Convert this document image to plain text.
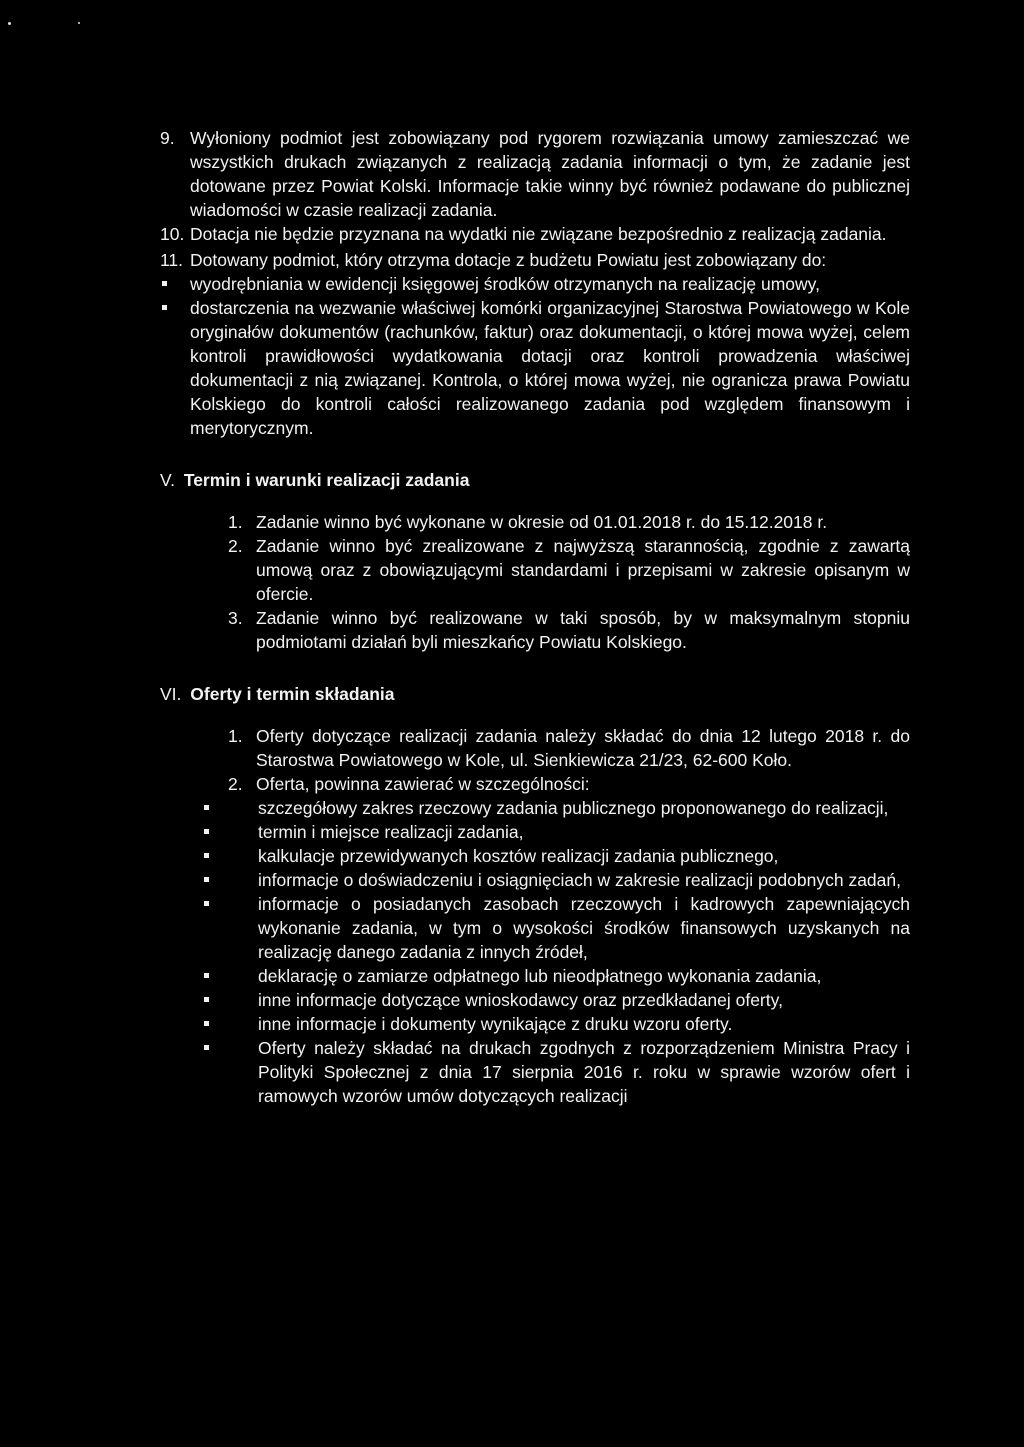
9. Wyłoniony podmiot jest zobowiązany pod rygorem rozwiązania umowy zamieszczać we wszystkich drukach związanych z realizacją zadania informacji o tym, że zadanie jest dotowane przez Powiat Kolski. Informacje takie winny być również podawane do publicznej wiadomości w czasie realizacji zadania.
10. Dotacja nie będzie przyznana na wydatki nie związane bezpośrednio z realizacją zadania.
11. Dotowany podmiot, który otrzyma dotacje z budżetu Powiatu jest zobowiązany do:
wyodrębniania w ewidencji księgowej środków otrzymanych na realizację umowy,
dostarczenia na wezwanie właściwej komórki organizacyjnej Starostwa Powiatowego w Kole oryginałów dokumentów (rachunków, faktur) oraz dokumentacji, o której mowa wyżej, celem kontroli prawidłowości wydatkowania dotacji oraz kontroli prowadzenia właściwej dokumentacji z nią związanej. Kontrola, o której mowa wyżej, nie ogranicza prawa Powiatu Kolskiego do kontroli całości realizowanego zadania pod względem finansowym i merytorycznym.
V. Termin i warunki realizacji zadania
1. Zadanie winno być wykonane w okresie od 01.01.2018 r. do 15.12.2018 r.
2. Zadanie winno być zrealizowane z najwyższą starannością, zgodnie z zawartą umową oraz z obowiązującymi standardami i przepisami w zakresie opisanym w ofercie.
3. Zadanie winno być realizowane w taki sposób, by w maksymalnym stopniu podmiotami działań byli mieszkańcy Powiatu Kolskiego.
VI. Oferty i termin składania
1. Oferty dotyczące realizacji zadania należy składać do dnia 12 lutego 2018 r. do Starostwa Powiatowego w Kole, ul. Sienkiewicza 21/23, 62-600 Koło.
2. Oferta, powinna zawierać w szczególności:
szczegółowy zakres rzeczowy zadania publicznego proponowanego do realizacji,
termin i miejsce realizacji zadania,
kalkulacje przewidywanych kosztów realizacji zadania publicznego,
informacje o doświadczeniu i osiągnięciach w zakresie realizacji podobnych zadań,
informacje o posiadanych zasobach rzeczowych i kadrowych zapewniających wykonanie zadania, w tym o wysokości środków finansowych uzyskanych na realizację danego zadania z innych źródeł,
deklarację o zamiarze odpłatnego lub nieodpłatnego wykonania zadania,
inne informacje dotyczące wnioskodawcy oraz przedkładanej oferty,
inne informacje i dokumenty wynikające z druku wzoru oferty.
Oferty należy składać na drukach zgodnych z rozporządzeniem Ministra Pracy i Polityki Społecznej z dnia 17 sierpnia 2016 r. roku w sprawie wzorów ofert i ramowych wzorów umów dotyczących realizacji
